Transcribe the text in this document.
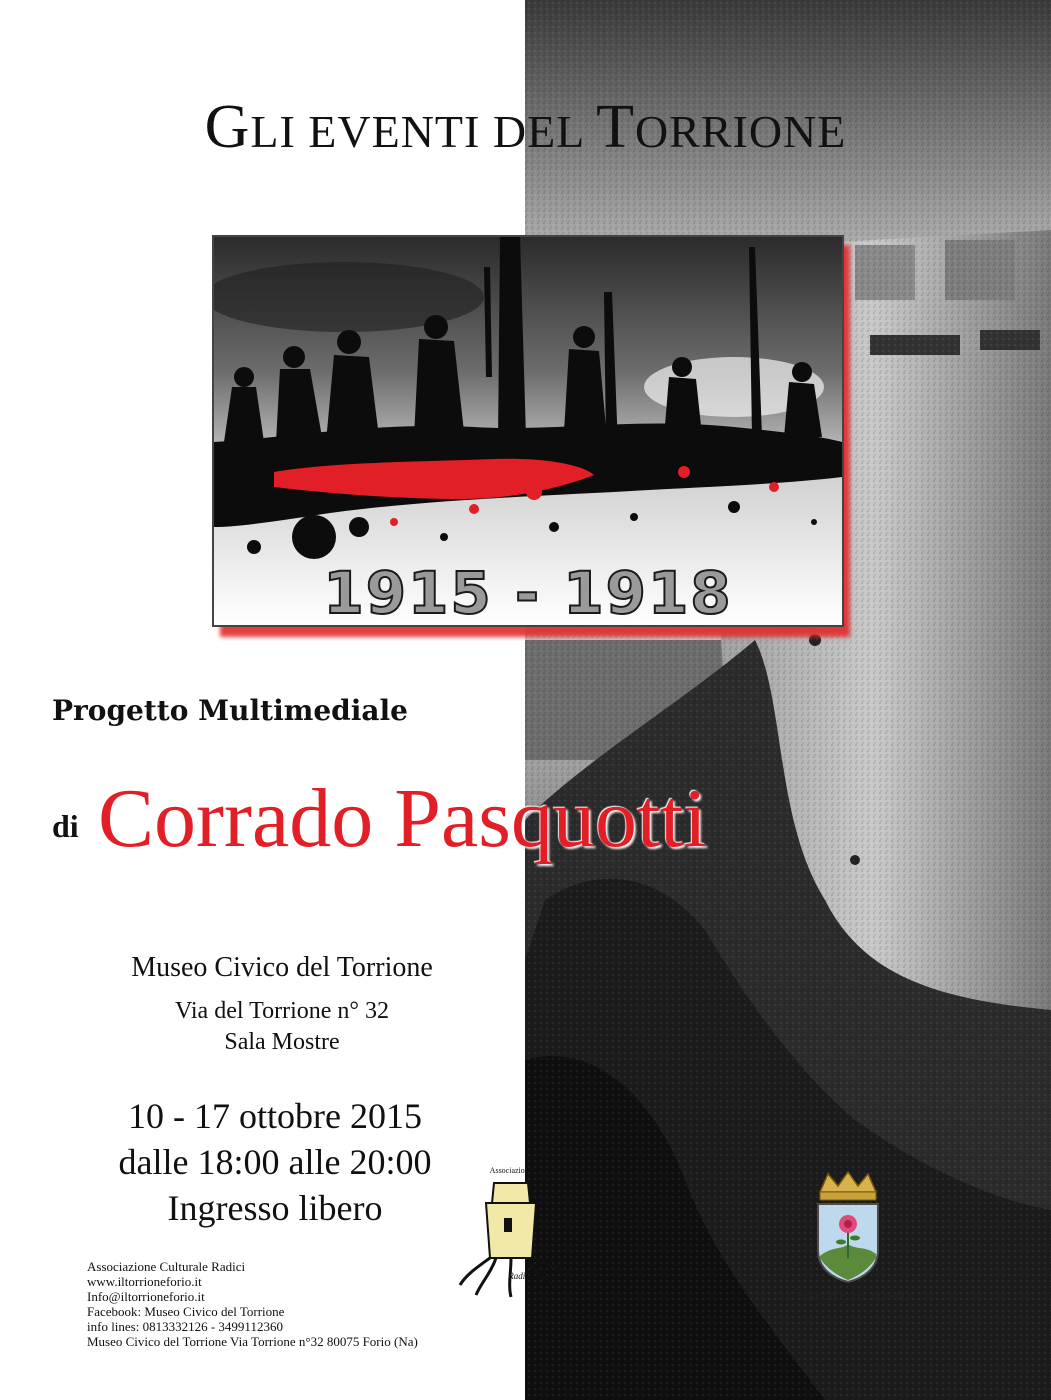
GLI EVENTI DEL TORRIONE
1915 - 1918
Progetto Multimediale
di Corrado Pasquotti
Museo Civico del Torrione
Via del Torrione n° 32
Sala Mostre
10 - 17 ottobre 2015
dalle 18:00 alle 20:00
Ingresso libero
Associazione Culturale Radici
www.iltorrioneforio.it
Info@iltorrioneforio.it
Facebook: Museo Civico del Torrione
info lines: 0813332126 - 3499112360
Museo Civico del Torrione Via Torrione n°32 80075 Forio (Na)
Associazione
Radici
COMUNE DI FORIO
